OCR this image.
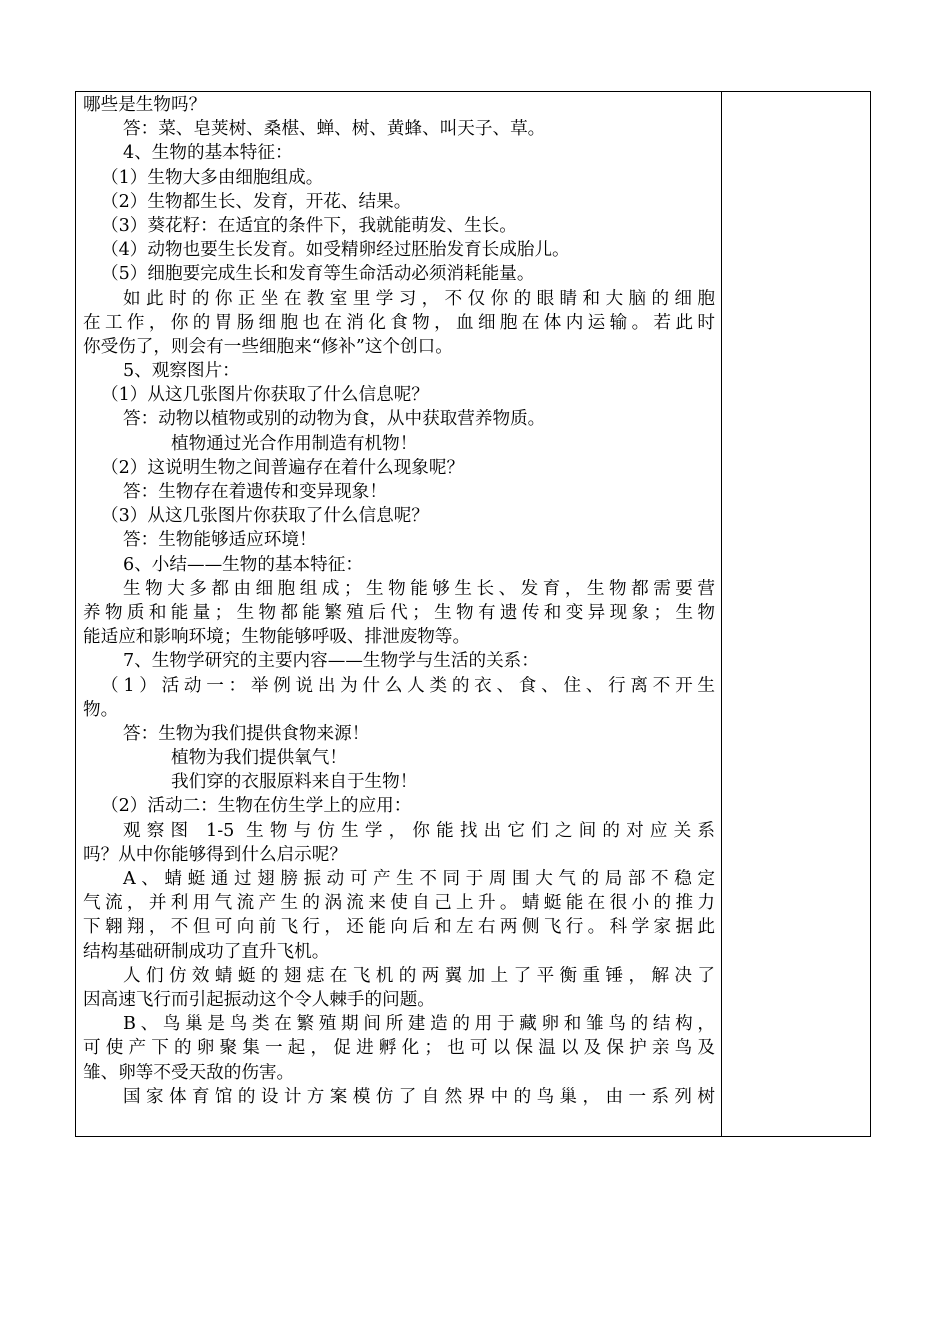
哪些是生物吗？
答：菜、皂荚树、桑椹、蝉、树、黄蜂、叫天子、草。
4、生物的基本特征：
（1）生物大多由细胞组成。
（2）生物都生长、发育，开花、结果。
（3）葵花籽：在适宜的条件下，我就能萌发、生长。
（4）动物也要生长发育。如受精卵经过胚胎发育长成胎儿。
（5）细胞要完成生长和发育等生命活动必须消耗能量。
如此时的你正坐在教室里学习，不仅你的眼睛和大脑的细胞
在工作，你的胃肠细胞也在消化食物，血细胞在体内运输。若此时
你受伤了，则会有一些细胞来“修补”这个创口。
5、观察图片：
（1）从这几张图片你获取了什么信息呢？
答：动物以植物或别的动物为食，从中获取营养物质。
植物通过光合作用制造有机物！
（2）这说明生物之间普遍存在着什么现象呢？
答：生物存在着遗传和变异现象！
（3）从这几张图片你获取了什么信息呢？
答：生物能够适应环境！
6、小结——生物的基本特征：
生物大多都由细胞组成；生物能够生长、发育，生物都需要营
养物质和能量；生物都能繁殖后代；生物有遗传和变异现象；生物
能适应和影响环境；生物能够呼吸、排泄废物等。
7、生物学研究的主要内容——生物学与生活的关系：
（1）活动一：举例说出为什么人类的衣、食、住、行离不开生
物。
答：生物为我们提供食物来源！
植物为我们提供氧气！
我们穿的衣服原料来自于生物！
（2）活动二：生物在仿生学上的应用：
观察图 1-5 生物与仿生学，你能找出它们之间的对应关系
吗？从中你能够得到什么启示呢？
A、蜻蜓通过翅膀振动可产生不同于周围大气的局部不稳定
气流，并利用气流产生的涡流来使自己上升。蜻蜓能在很小的推力
下翱翔，不但可向前飞行，还能向后和左右两侧飞行。科学家据此
结构基础研制成功了直升飞机。
人们仿效蜻蜓的翅痣在飞机的两翼加上了平衡重锤，解决了
因高速飞行而引起振动这个令人棘手的问题。
B、鸟巢是鸟类在繁殖期间所建造的用于藏卵和雏鸟的结构，
可使产下的卵聚集一起，促进孵化；也可以保温以及保护亲鸟及
雏、卵等不受天敌的伤害。
国家体育馆的设计方案模仿了自然界中的鸟巢，由一系列树
